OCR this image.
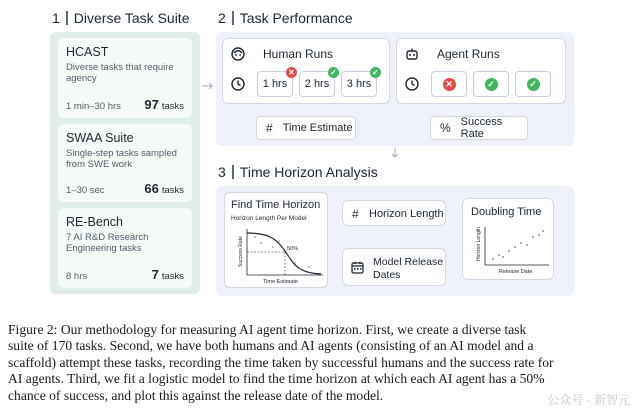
1 Diverse Task Suite
HCAST
Diverse tasks that require agency
1 min–30 hrs 97 tasks
SWAA Suite
Single-step tasks sampled from SWE work
1–30 sec	66 tasks
RE-Bench
7 AI R&D Research Engineering tasks
8 hrs	7 tasks
2 Task Performance
Human Runs
1 hrs
✕
2 hrs
✓
3 hrs
✓
Agent Runs
✕	✓	✓
# Time Estimate	% Success Rate
3 Time Horizon Analysis
Find Time Horizon
Horizon Length Per Model
50%
Success Rate
Time Estimate
# Horizon Length
Model Release
Dates
Doubling Time
Horizon Length
Release Date
Figure 2: Our methodology for measuring AI agent time horizon. First, we create a diverse task
suite of 170 tasks. Second, we have both humans and AI agents (consisting of an AI model and a
scaffold) attempt these tasks, recording the time taken by successful humans and the success rate for
AI agents. Third, we fit a logistic model to find the time horizon at which each AI agent has a 50%
chance of success, and plot this against the release date of the model.	公众号 · 新智元
